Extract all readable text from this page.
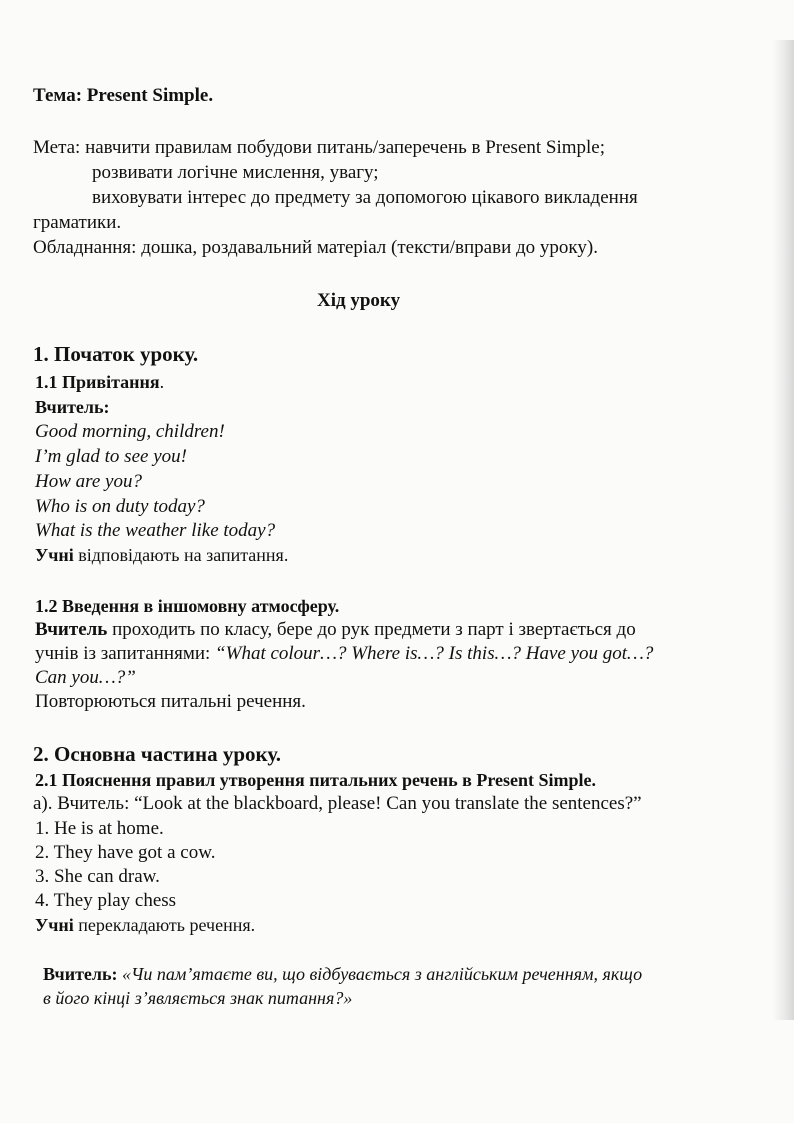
Тема: Present Simple.
Мета: навчити правилам побудови питань/заперечень в Present Simple;
розвивати логічне мислення, увагу;
виховувати інтерес до предмету за допомогою цікавого викладення
граматики.
Обладнання: дошка, роздавальний матеріал (тексти/вправи до уроку).
Хід уроку
1. Початок уроку.
1.1 Привітання.
Вчитель:
Good morning, children!
I’m glad to see you!
How are you?
Who is on duty today?
What is the weather like today?
Учні відповідають на запитання.
1.2 Введення в іншомовну атмосферу.
Вчитель проходить по класу, бере до рук предмети з парт і звертається до
учнів із запитаннями: “What colour…? Where is…? Is this…? Have you got…?
Can you…?”
Повторюються питальні речення.
2. Основна частина уроку.
2.1 Пояснення правил утворення питальних речень в Present Simple.
а). Вчитель: “Look at the blackboard, please! Can you translate the sentences?”
1. He is at home.
2. They have got a cow.
3. She can draw.
4. They play chess
Учні перекладають речення.
Вчитель: «Чи пам’ятаєте ви, що відбувається з англійським реченням, якщо
в його кінці з’являється знак питання?»
